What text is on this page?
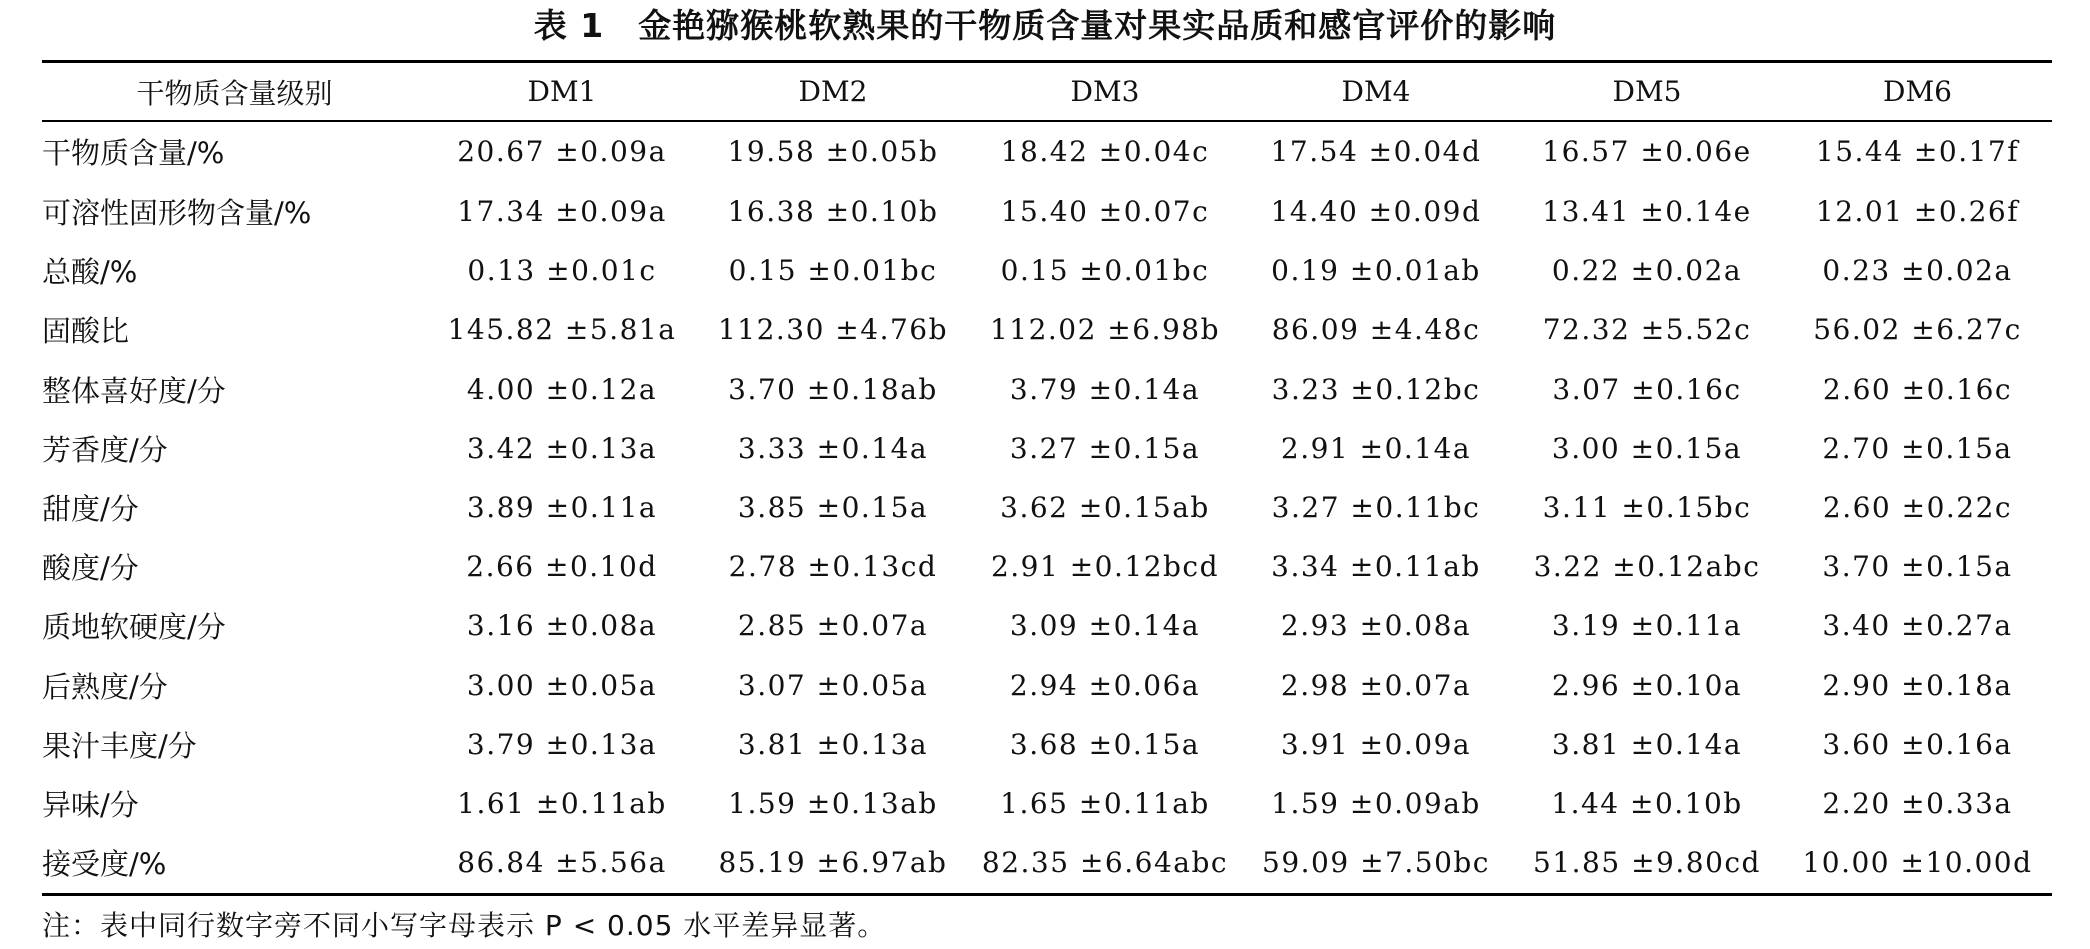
表 1　金艳猕猴桃软熟果的干物质含量对果实品质和感官评价的影响
干物质含量级别	DM1	DM2	DM3	DM4	DM5	DM6
干物质含量/%	20.67 ±0.09a	19.58 ±0.05b	18.42 ±0.04c	17.54 ±0.04d	16.57 ±0.06e	15.44 ±0.17f
可溶性固形物含量/%	17.34 ±0.09a	16.38 ±0.10b	15.40 ±0.07c	14.40 ±0.09d	13.41 ±0.14e	12.01 ±0.26f
总酸/%	0.13 ±0.01c	0.15 ±0.01bc	0.15 ±0.01bc	0.19 ±0.01ab	0.22 ±0.02a	0.23 ±0.02a
固酸比	145.82 ±5.81a	112.30 ±4.76b	112.02 ±6.98b	86.09 ±4.48c	72.32 ±5.52c	56.02 ±6.27c
整体喜好度/分	4.00 ±0.12a	3.70 ±0.18ab	3.79 ±0.14a	3.23 ±0.12bc	3.07 ±0.16c	2.60 ±0.16c
芳香度/分	3.42 ±0.13a	3.33 ±0.14a	3.27 ±0.15a	2.91 ±0.14a	3.00 ±0.15a	2.70 ±0.15a
甜度/分	3.89 ±0.11a	3.85 ±0.15a	3.62 ±0.15ab	3.27 ±0.11bc	3.11 ±0.15bc	2.60 ±0.22c
酸度/分	2.66 ±0.10d	2.78 ±0.13cd	2.91 ±0.12bcd	3.34 ±0.11ab	3.22 ±0.12abc	3.70 ±0.15a
质地软硬度/分	3.16 ±0.08a	2.85 ±0.07a	3.09 ±0.14a	2.93 ±0.08a	3.19 ±0.11a	3.40 ±0.27a
后熟度/分	3.00 ±0.05a	3.07 ±0.05a	2.94 ±0.06a	2.98 ±0.07a	2.96 ±0.10a	2.90 ±0.18a
果汁丰度/分	3.79 ±0.13a	3.81 ±0.13a	3.68 ±0.15a	3.91 ±0.09a	3.81 ±0.14a	3.60 ±0.16a
异味/分	1.61 ±0.11ab	1.59 ±0.13ab	1.65 ±0.11ab	1.59 ±0.09ab	1.44 ±0.10b	2.20 ±0.33a
接受度/%	86.84 ±5.56a	85.19 ±6.97ab	82.35 ±6.64abc	59.09 ±7.50bc	51.85 ±9.80cd	10.00 ±10.00d
注：表中同行数字旁不同小写字母表示 P < 0.05 水平差异显著。
